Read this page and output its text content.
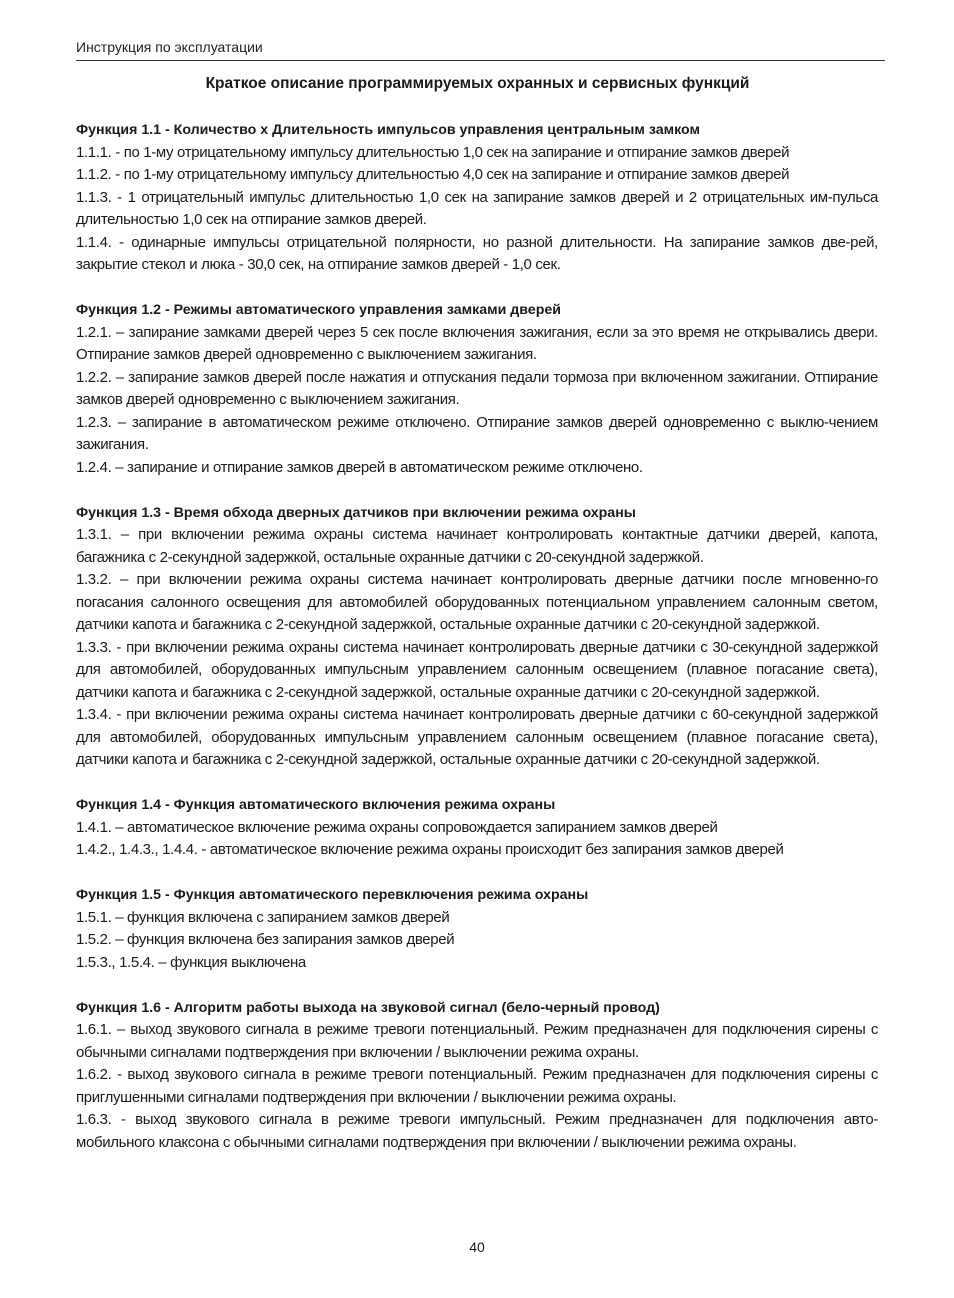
Инструкция по эксплуатации
Краткое описание программируемых охранных и сервисных функций
Функция 1.1 - Количество х Длительность импульсов управления центральным замком
1.1.1. - по 1-му отрицательному импульсу длительностью 1,0 сек на запирание и отпирание замков дверей
1.1.2. - по 1-му отрицательному импульсу длительностью 4,0 сек на запирание и отпирание замков дверей
1.1.3. - 1 отрицательный импульс длительностью 1,0 сек на запирание замков дверей и 2 отрицательных им-пульса длительностью 1,0 сек на отпирание замков дверей.
1.1.4. - одинарные импульсы отрицательной полярности, но разной длительности. На запирание замков две-рей, закрытие стекол и люка - 30,0 сек, на отпирание замков дверей - 1,0 сек.
Функция 1.2 - Режимы автоматического управления замками дверей
1.2.1. – запирание замками дверей через 5 сек после включения зажигания, если за это время не открывались двери. Отпирание замков дверей одновременно с выключением зажигания.
1.2.2. – запирание замков дверей после нажатия и отпускания педали тормоза при включенном зажигании. Отпирание замков дверей одновременно с выключением зажигания.
1.2.3. – запирание в автоматическом режиме отключено. Отпирание замков дверей одновременно с выклю-чением зажигания.
1.2.4. – запирание и отпирание замков дверей в автоматическом режиме отключено.
Функция 1.3 - Время обхода дверных датчиков при включении режима охраны
1.3.1. – при включении режима охраны система начинает контролировать контактные датчики дверей, капота, багажника с 2-секундной задержкой, остальные охранные датчики с 20-секундной задержкой.
1.3.2. – при включении режима охраны система начинает контролировать дверные датчики после мгновенно-го погасания салонного освещения для автомобилей оборудованных потенциальном управлением салонным светом, датчики капота и багажника с 2-секундной задержкой, остальные охранные датчики с 20-секундной задержкой.
1.3.3. - при включении режима охраны система начинает контролировать дверные датчики с 30-секундной задержкой для автомобилей, оборудованных импульсным управлением салонным освещением (плавное погасание света), датчики капота и багажника с 2-секундной задержкой, остальные охранные датчики с 20-секундной задержкой.
1.3.4. - при включении режима охраны система начинает контролировать дверные датчики с 60-секундной задержкой для автомобилей, оборудованных импульсным управлением салонным освещением (плавное погасание света), датчики капота и багажника с 2-секундной задержкой, остальные охранные датчики с 20-секундной задержкой.
Функция 1.4 - Функция автоматического включения режима охраны
1.4.1. – автоматическое включение режима охраны сопровождается запиранием замков дверей
1.4.2., 1.4.3., 1.4.4. - автоматическое включение режима охраны происходит без запирания замков дверей
Функция 1.5 - Функция автоматического перевключения режима охраны
1.5.1. – функция включена с запиранием замков дверей
1.5.2. – функция включена без запирания замков дверей
1.5.3., 1.5.4. – функция выключена
Функция 1.6 - Алгоритм работы выхода на звуковой сигнал (бело-черный провод)
1.6.1. – выход звукового сигнала в режиме тревоги потенциальный. Режим предназначен для подключения сирены с обычными сигналами подтверждения при включении / выключении режима охраны.
1.6.2. - выход звукового сигнала в режиме тревоги потенциальный. Режим предназначен для подключения сирены с приглушенными сигналами подтверждения при включении / выключении режима охраны.
1.6.3. - выход звукового сигнала в режиме тревоги импульсный. Режим предназначен для подключения авто-мобильного клаксона с обычными сигналами подтверждения при включении / выключении режима охраны.
40
